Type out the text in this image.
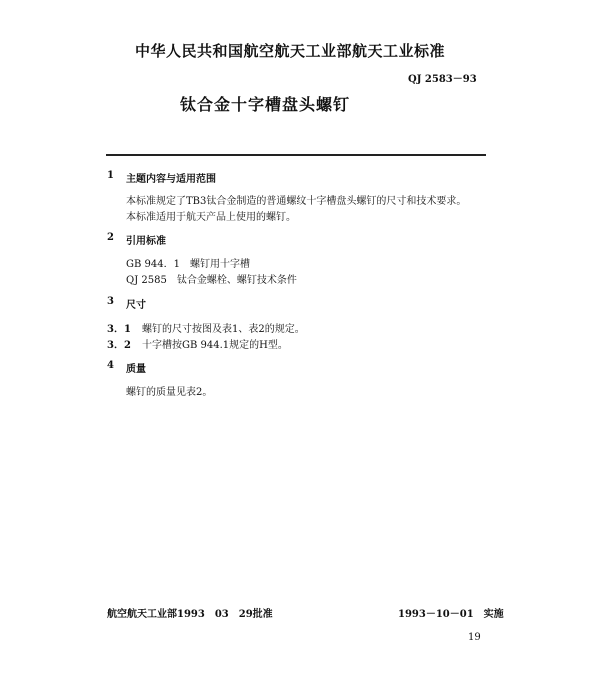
中华人民共和国航空航天工业部航天工业标准
QJ 2583－93
钛合金十字槽盘头螺钉
1 主题内容与适用范围
本标准规定了TB3钛合金制造的普通螺纹十字槽盘头螺钉的尺寸和技术要求。
本标准适用于航天产品上使用的螺钉。
2 引用标准
GB 944．1　螺钉用十字槽
QJ 2585　钛合金螺栓、螺钉技术条件
3 尺寸
3．1 螺钉的尺寸按图及表1、表2的规定。
3．2 十字槽按GB 944.1规定的H型。
4 质量
螺钉的质量见表2。
航空航天工业部1993　03　29批准	1993－10－01　实施
19
